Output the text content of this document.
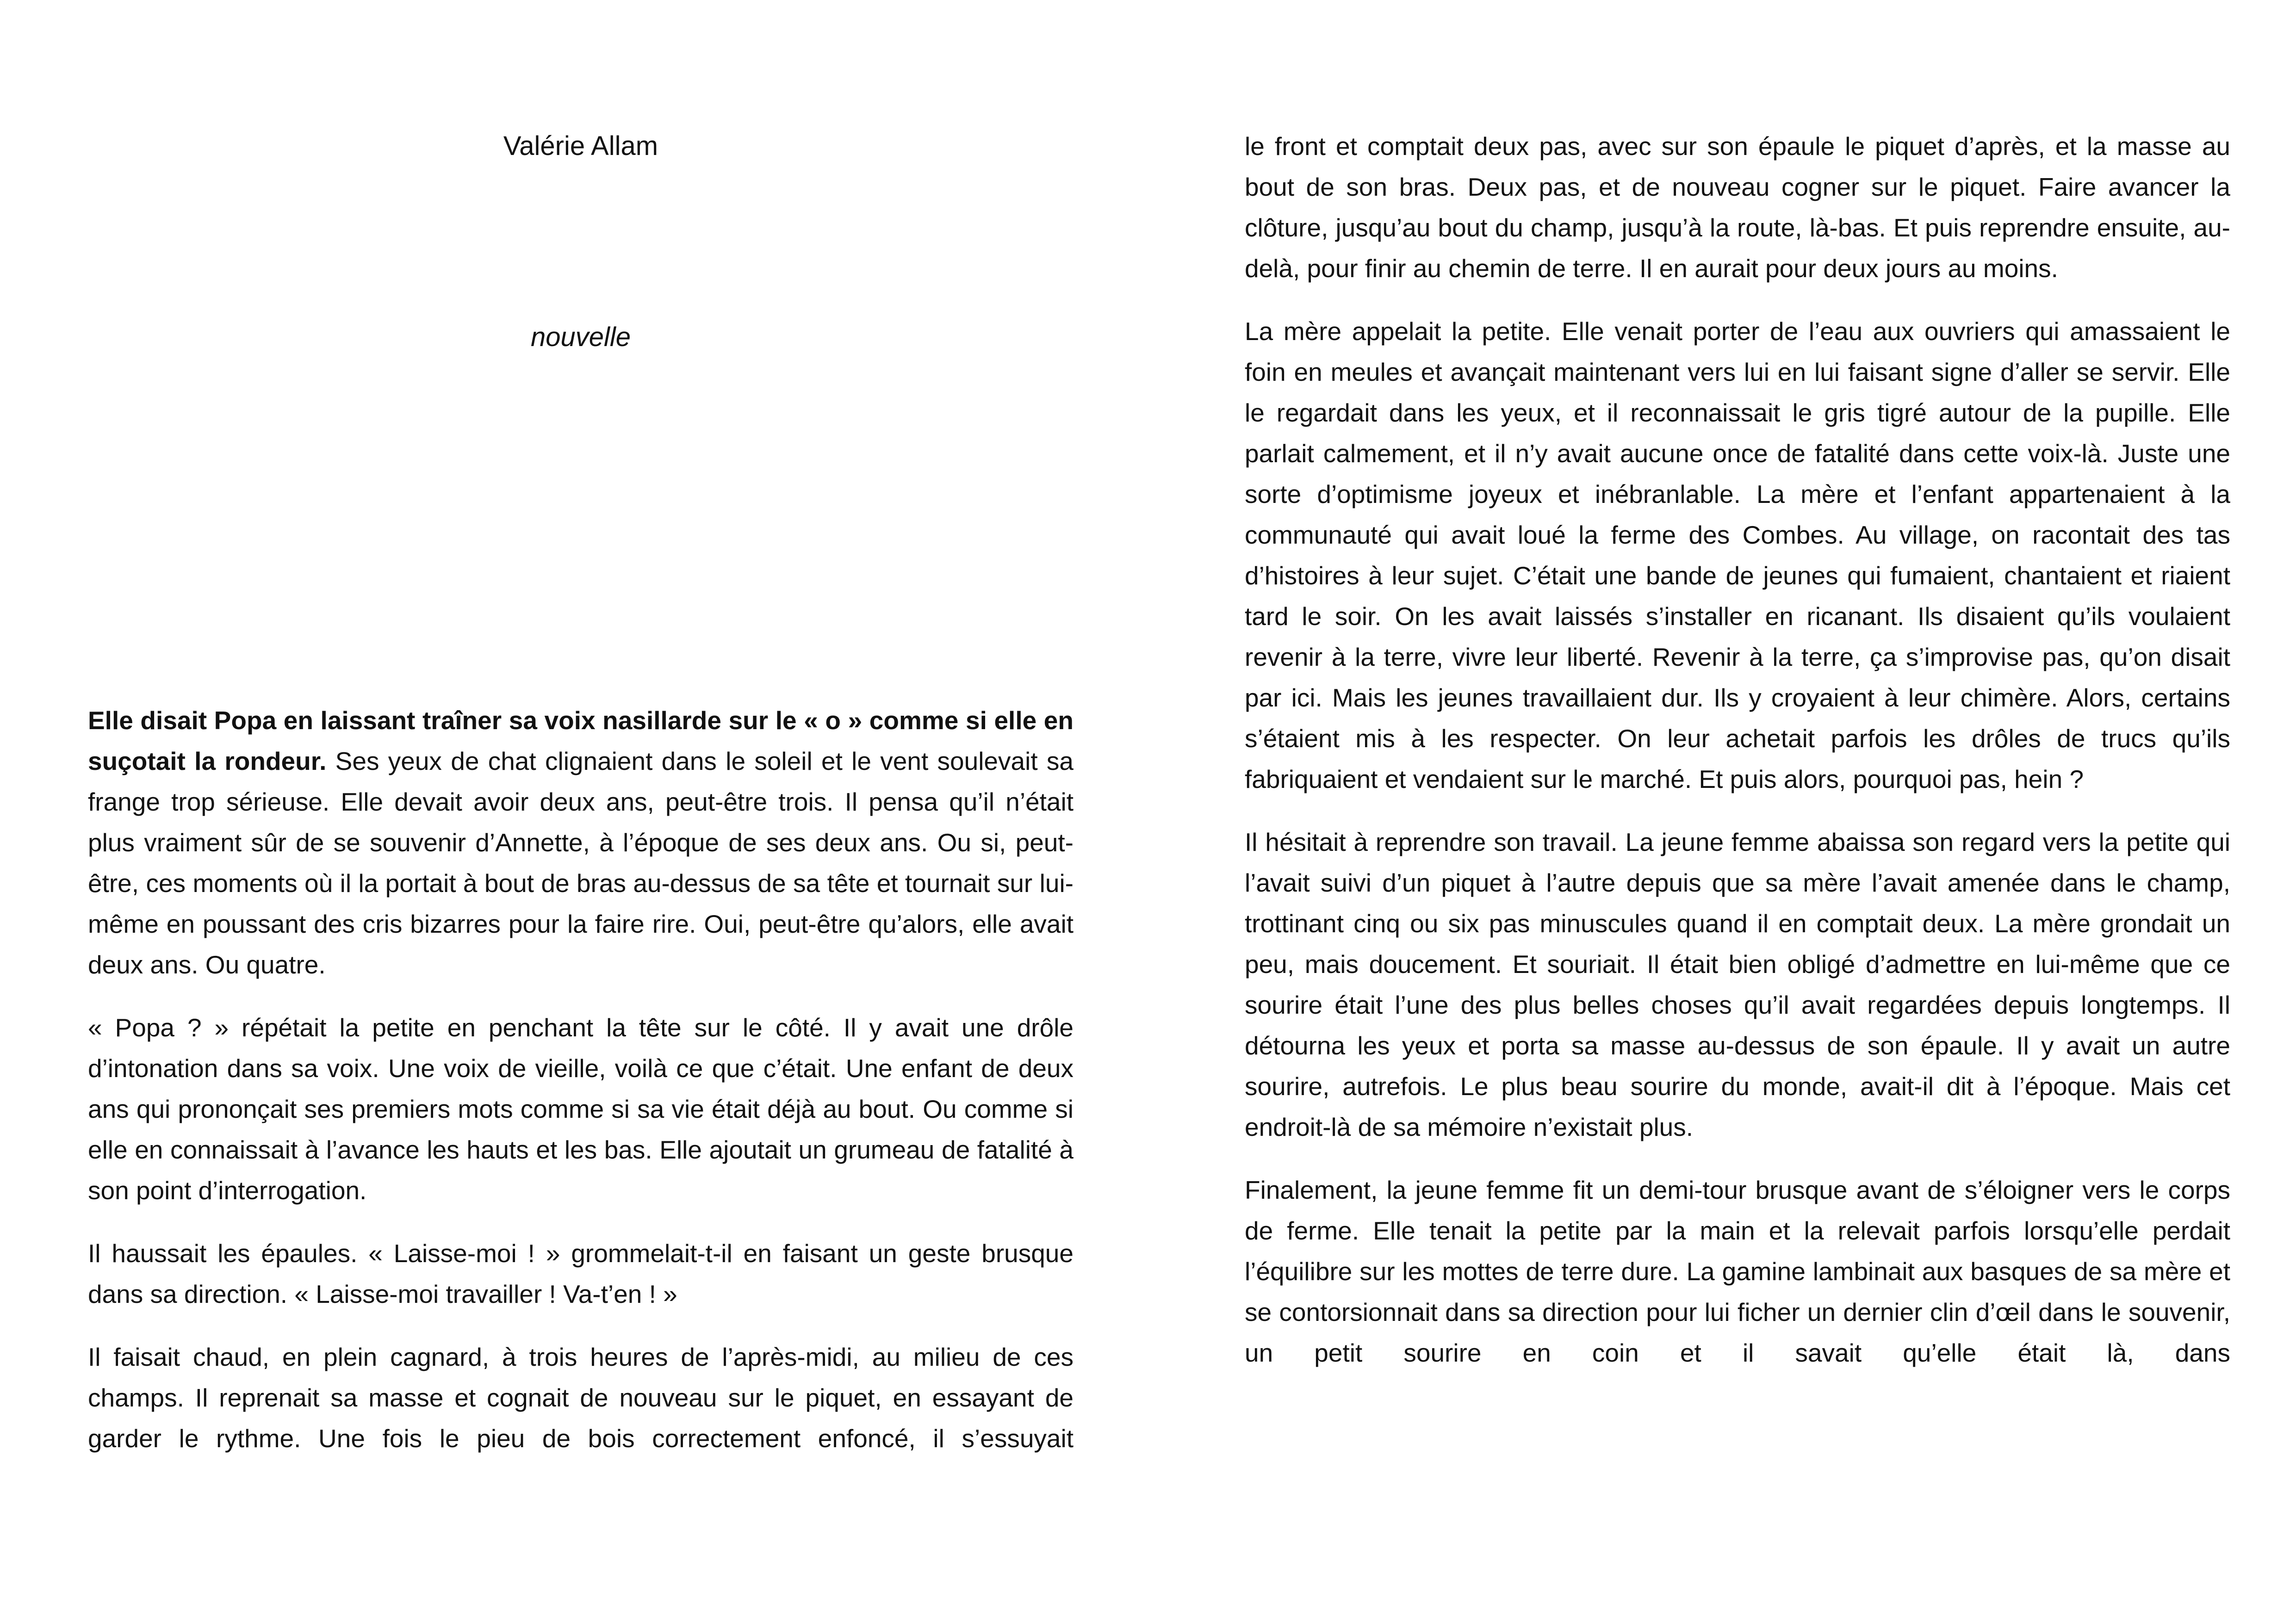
Valérie Allam

nouvelle

Elle disait Popa en laissant traîner sa voix nasillarde sur le « o » comme si elle en suçotait la rondeur. Ses yeux de chat clignaient dans le soleil et le vent soulevait sa frange trop sérieuse. Elle devait avoir deux ans, peut-être trois. Il pensa qu’il n’était plus vraiment sûr de se souvenir d’Annette, à l’époque de ses deux ans. Ou si, peut-être, ces moments où il la portait à bout de bras au-dessus de sa tête et tournait sur lui-même en poussant des cris bizarres pour la faire rire. Oui, peut-être qu’alors, elle avait deux ans. Ou quatre.

« Popa ? » répétait la petite en penchant la tête sur le côté. Il y avait une drôle d’intonation dans sa voix. Une voix de vieille, voilà ce que c’était. Une enfant de deux ans qui prononçait ses premiers mots comme si sa vie était déjà au bout. Ou comme si elle en connaissait à l’avance les hauts et les bas. Elle ajoutait un grumeau de fatalité à son point d’interrogation.

Il haussait les épaules. « Laisse-moi ! » grommelait-t-il en faisant un geste brusque dans sa direction. « Laisse-moi travailler ! Va-t’en ! »

Il faisait chaud, en plein cagnard, à trois heures de l’après-midi, au milieu de ces champs. Il reprenait sa masse et cognait de nouveau sur le piquet, en essayant de garder le rythme. Une fois le pieu de bois correctement enfoncé, il s’essuyait

le front et comptait deux pas, avec sur son épaule le piquet d’après, et la masse au bout de son bras. Deux pas, et de nouveau cogner sur le piquet. Faire avancer la clôture, jusqu’au bout du champ, jusqu’à la route, là-bas. Et puis reprendre ensuite, au-delà, pour finir au chemin de terre. Il en aurait pour deux jours au moins.

La mère appelait la petite. Elle venait porter de l’eau aux ouvriers qui amassaient le foin en meules et avançait maintenant vers lui en lui faisant signe d’aller se servir. Elle le regardait dans les yeux, et il reconnaissait le gris tigré autour de la pupille. Elle parlait calmement, et il n’y avait aucune once de fatalité dans cette voix-là. Juste une sorte d’optimisme joyeux et inébranlable. La mère et l’enfant appartenaient à la communauté qui avait loué la ferme des Combes. Au village, on racontait des tas d’histoires à leur sujet. C’était une bande de jeunes qui fumaient, chantaient et riaient tard le soir. On les avait laissés s’installer en ricanant. Ils disaient qu’ils voulaient revenir à la terre, vivre leur liberté. Revenir à la terre, ça s’improvise pas, qu’on disait par ici. Mais les jeunes travaillaient dur. Ils y croyaient à leur chimère. Alors, certains s’étaient mis à les respecter. On leur achetait parfois les drôles de trucs qu’ils fabriquaient et vendaient sur le marché. Et puis alors, pourquoi pas, hein ?

Il hésitait à reprendre son travail. La jeune femme abaissa son regard vers la petite qui l’avait suivi d’un piquet à l’autre depuis que sa mère l’avait amenée dans le champ, trottinant cinq ou six pas minuscules quand il en comptait deux. La mère grondait un peu, mais doucement. Et souriait. Il était bien obligé d’admettre en lui-même que ce sourire était l’une des plus belles choses qu’il avait regardées depuis longtemps. Il détourna les yeux et porta sa masse au-dessus de son épaule. Il y avait un autre sourire, autrefois. Le plus beau sourire du monde, avait-il dit à l’époque. Mais cet endroit-là de sa mémoire n’existait plus.

Finalement, la jeune femme fit un demi-tour brusque avant de s’éloigner vers le corps de ferme. Elle tenait la petite par la main et la relevait parfois lorsqu’elle perdait l’équilibre sur les mottes de terre dure. La gamine lambinait aux basques de sa mère et se contorsionnait dans sa direction pour lui ficher un dernier clin d’œil dans le souvenir, un petit sourire en coin et il savait qu’elle était là, dans
